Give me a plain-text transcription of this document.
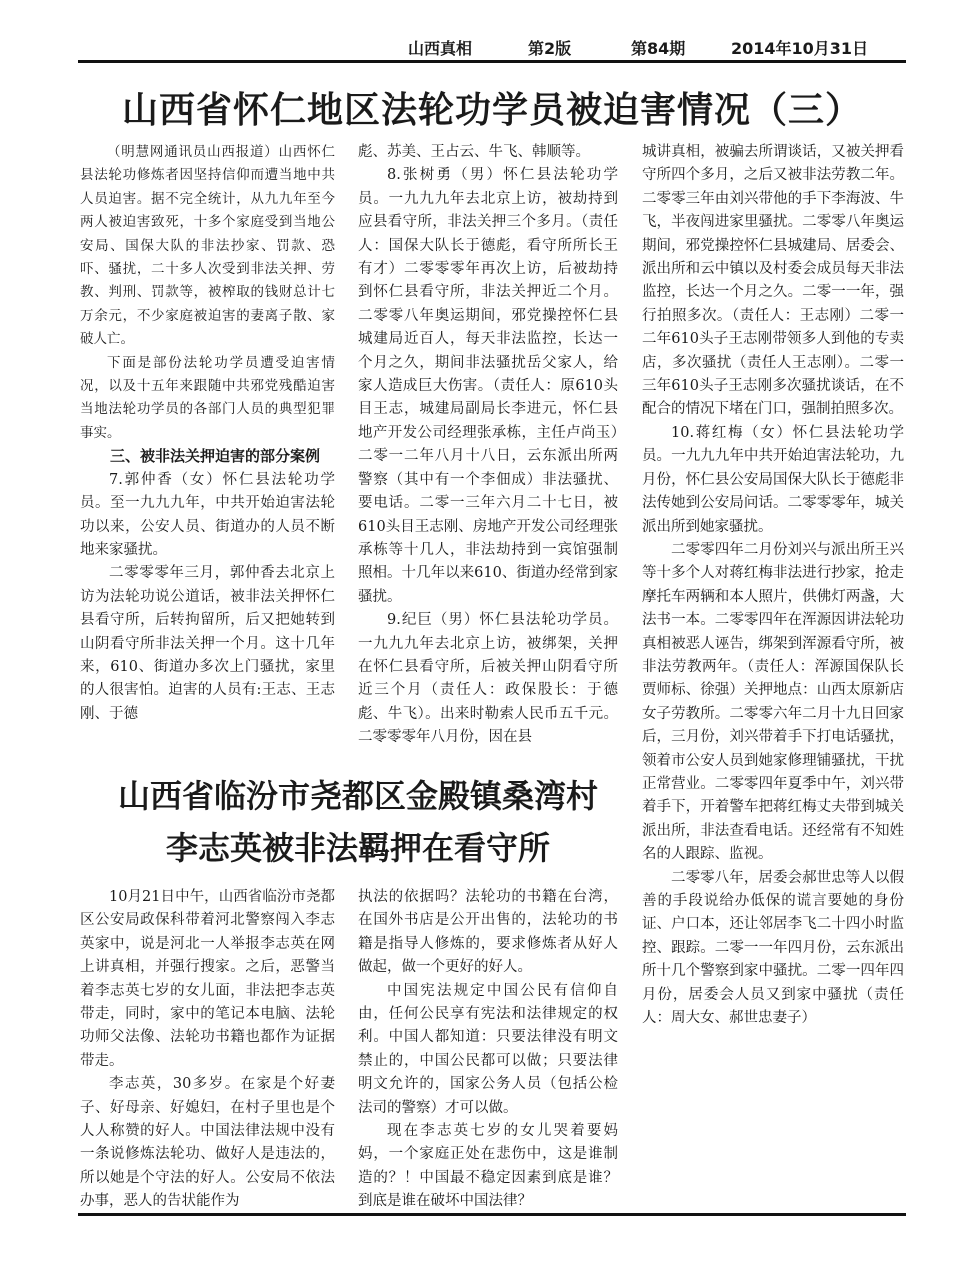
山西真相	第2版	第84期	2014年10月31日
山西省怀仁地区法轮功学员被迫害情况（三）

（明慧网通讯员山西报道）山西怀仁县法轮功修炼者因坚持信仰而遭当地中共人员迫害。据不完全统计，从九九年至今两人被迫害致死，十多个家庭受到当地公安局、国保大队的非法抄家、罚款、恐吓、骚扰，二十多人次受到非法关押、劳教、判刑、罚款等，被榨取的钱财总计七万余元，不少家庭被迫害的妻离子散、家破人亡。

下面是部份法轮功学员遭受迫害情况，以及十五年来跟随中共邪党残酷迫害当地法轮功学员的各部门人员的典型犯罪事实。

三、被非法关押迫害的部分案例

7.郭仲香（女）怀仁县法轮功学员。至一九九九年，中共开始迫害法轮功以来，公安人员、街道办的人员不断地来家骚扰。

二零零零年三月，郭仲香去北京上访为法轮功说公道话，被非法关押怀仁县看守所，后转拘留所，后又把她转到山阴看守所非法关押一个月。这十几年来，610、街道办多次上门骚扰，家里的人很害怕。迫害的人员有:王志、王志刚、于德

彪、苏美、王占云、牛飞、韩顺等。

8.张树勇（男）怀仁县法轮功学员。一九九九年去北京上访，被劫持到应县看守所，非法关押三个多月。（责任人：国保大队长于德彪，看守所所长王有才）二零零零年再次上访，后被劫持到怀仁县看守所，非法关押近二个月。二零零八年奥运期间，邪党操控怀仁县城建局近百人，每天非法监控，长达一个月之久，期间非法骚扰岳父家人，给家人造成巨大伤害。（责任人：原610头目王志，城建局副局长李进元，怀仁县地产开发公司经理张承栋，主任卢尚玉）二零一二年八月十八日，云东派出所两警察（其中有一个李佃成）非法骚扰、要电话。二零一三年六月二十七日，被610头目王志刚、房地产开发公司经理张承栋等十几人，非法劫持到一宾馆强制照相。十几年以来610、街道办经常到家骚扰。

9.纪巨（男）怀仁县法轮功学员。一九九九年去北京上访，被绑架，关押在怀仁县看守所，后被关押山阴看守所近三个月（责任人：政保股长：于德彪、牛飞）。出来时勒索人民币五千元。二零零零年八月份，因在县

城讲真相，被骗去所谓谈话，又被关押看守所四个多月，之后又被非法劳教二年。二零零三年由刘兴带他的手下李海波、牛飞，半夜闯进家里骚扰。二零零八年奥运期间，邪党操控怀仁县城建局、居委会、派出所和云中镇以及村委会成员每天非法监控，长达一个月之久。二零一一年，强行拍照多次。（责任人：王志刚）二零一二年610头子王志刚带领多人到他的专卖店，多次骚扰（责任人王志刚）。二零一三年610头子王志刚多次骚扰谈话，在不配合的情况下堵在门口，强制拍照多次。

10.蒋红梅（女）怀仁县法轮功学员。一九九九年中共开始迫害法轮功，九月份，怀仁县公安局国保大队长于德彪非法传她到公安局问话。二零零零年，城关派出所到她家骚扰。

二零零四年二月份刘兴与派出所王兴等十多个人对蒋红梅非法进行抄家，抢走摩托车两辆和本人照片，供佛灯两盏，大法书一本。二零零四年在浑源因讲法轮功真相被恶人诬告，绑架到浑源看守所，被非法劳教两年。（责任人：浑源国保队长贾师标、徐强）关押地点：山西太原新店女子劳教所。二零零六年二月十九日回家后，三月份，刘兴带着手下打电话骚扰，领着市公安人员到她家修理铺骚扰，干扰正常营业。二零零四年夏季中午，刘兴带着手下，开着警车把蒋红梅丈夫带到城关派出所，非法查看电话。还经常有不知姓名的人跟踪、监视。

二零零八年，居委会郝世忠等人以假善的手段说给办低保的谎言要她的身份证、户口本，还让邻居李飞二十四小时监控、跟踪。二零一一年四月份，云东派出所十几个警察到家中骚扰。二零一四年四月份，居委会人员又到家中骚扰（责任人：周大女、郝世忠妻子）

山西省临汾市尧都区金殿镇桑湾村
李志英被非法羁押在看守所

10月21日中午，山西省临汾市尧都区公安局政保科带着河北警察闯入李志英家中，说是河北一人举报李志英在网上讲真相，并强行搜家。之后，恶警当着李志英七岁的女儿面，非法把李志英带走，同时，家中的笔记本电脑、法轮功师父法像、法轮功书籍也都作为证据带走。

李志英，30多岁。在家是个好妻子、好母亲、好媳妇，在村子里也是个人人称赞的好人。中国法律法规中没有一条说修炼法轮功、做好人是违法的，所以她是个守法的好人。公安局不依法办事，恶人的告状能作为

执法的依据吗？法轮功的书籍在台湾，在国外书店是公开出售的，法轮功的书籍是指导人修炼的，要求修炼者从好人做起，做一个更好的好人。

中国宪法规定中国公民有信仰自由，任何公民享有宪法和法律规定的权利。中国人都知道：只要法律没有明文禁止的，中国公民都可以做；只要法律明文允许的，国家公务人员（包括公检法司的警察）才可以做。

现在李志英七岁的女儿哭着要妈妈，一个家庭正处在悲伤中，这是谁制造的？！中国最不稳定因素到底是谁？到底是谁在破坏中国法律？
